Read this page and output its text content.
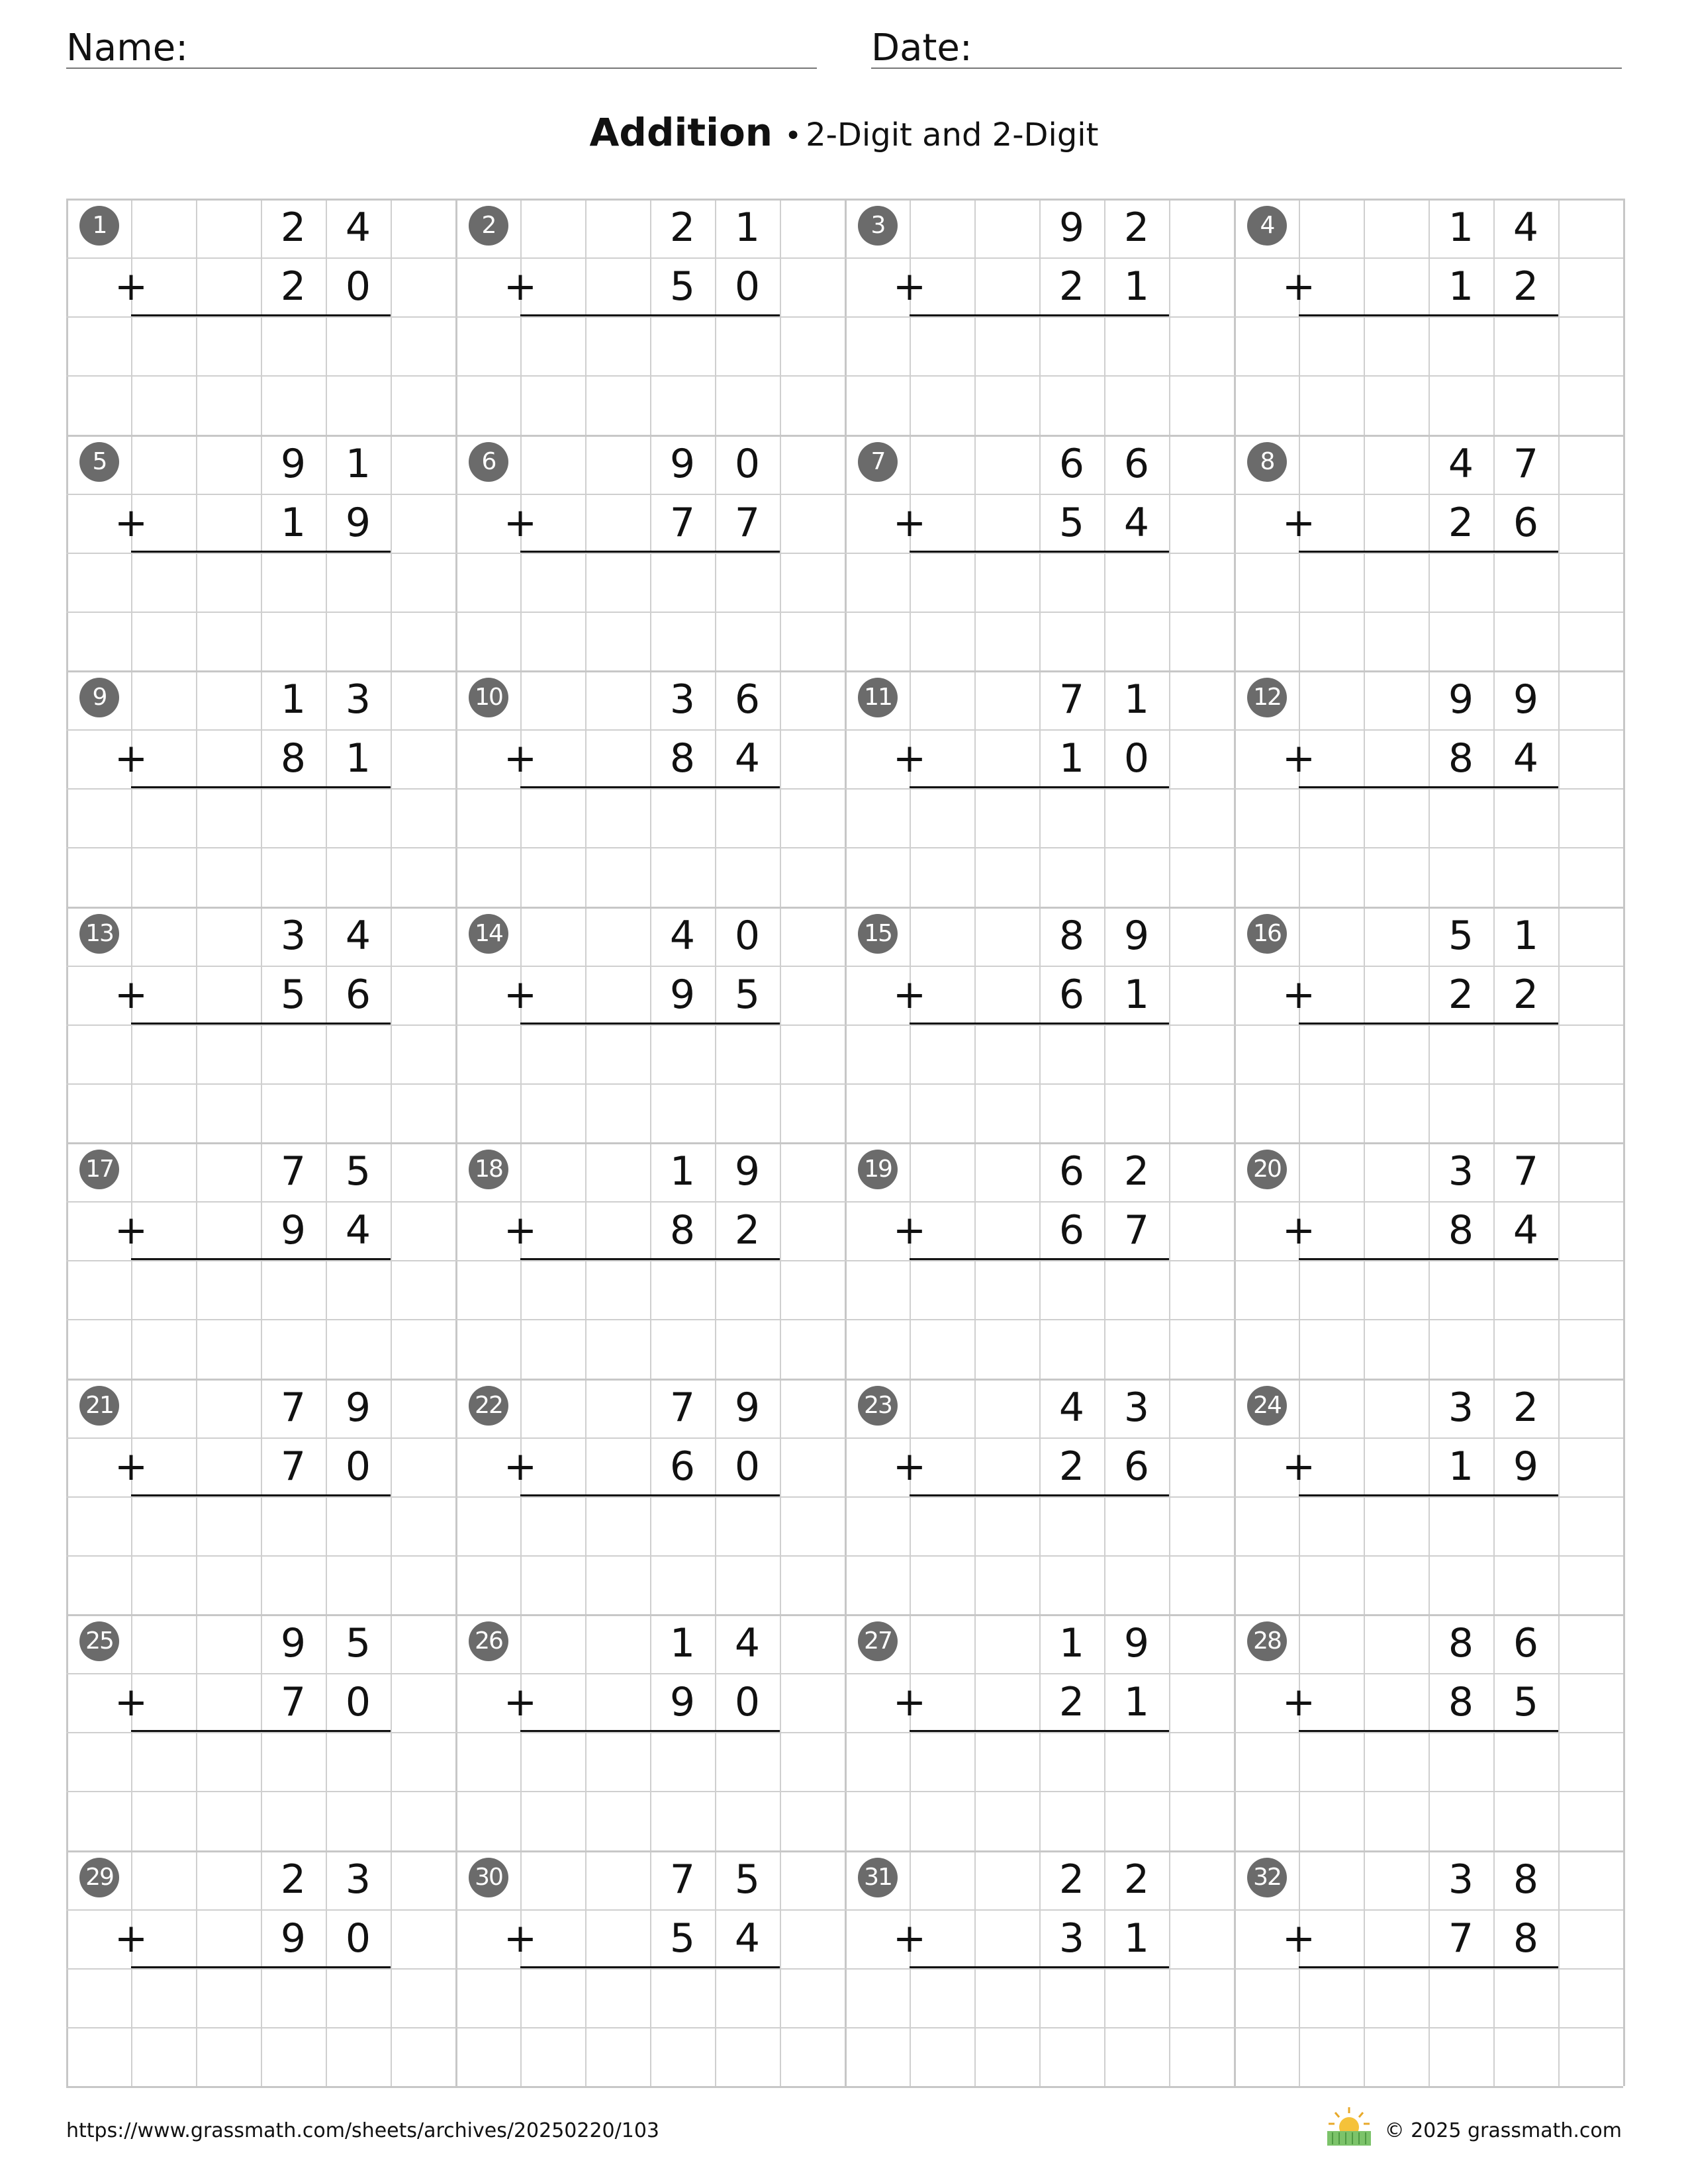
Name:	Date:
Addition • 2-Digit and 2-Digit
1	2 4
+	2 0
2	2 1
+	5 0
3	9 2
+	2 1
4	1 4
+	1 2
5	9 1
+	1 9
6	9 0
+	7 7
7	6 6
+	5 4
8	4 7
+	2 6
9	1 3
+	8 1
10	3 6
+	8 4
11	7 1
+	1 0
12	9 9
+	8 4
13	3 4
+	5 6
14	4 0
+	9 5
15	8 9
+	6 1
16	5 1
+	2 2
17	7 5
+	9 4
18	1 9
+	8 2
19	6 2
+	6 7
20	3 7
+	8 4
21	7 9
+	7 0
22	7 9
+	6 0
23	4 3
+	2 6
24	3 2
+	1 9
25	9 5
+	7 0
26	1 4
+	9 0
27	1 9
+	2 1
28	8 6
+	8 5
29	2 3
+	9 0
30	7 5
+	5 4
31	2 2
+	3 1
32	3 8
+	7 8
https://www.grassmath.com/sheets/archives/20250220/103	© 2025 grassmath.com
